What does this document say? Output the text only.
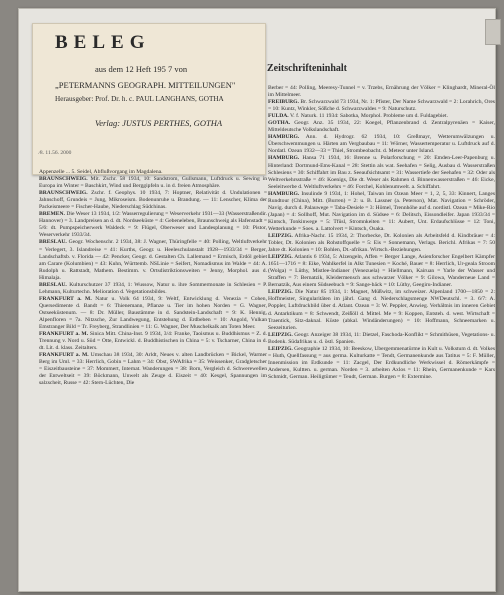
BELEG
aus dem 12 Heft 195 7 von
„PETERMANNS GEOGRAPH. MITTEILUNGEN"
Herausgeber: Prof. Dr. h. c. PAUL LANGHANS, GOTHA
Verlag: JUSTUS PERTHES, GOTHA
⁄8. 11.56. 2000
Zeitschrifteninhalt

Appenzelle ... 5. Seidel, Abflußvorgang im Magdalena.

BRAUNSCHWEIG. Mit. Zschr. 58 1934, 10: Sandstrom, Gullsmann, Luftdruck u. Sewing in Europa im Winter = Baschkirt, Wind und Berggipfeln u. in d. freien Atmosphäre.

BRAUNSCHWEIG. Zschr. f. Geophys. 10 1934, 7: Hoptner, Relativität d. Undulationen = Jahnschoff, Grundeis = Jung, Mikroseism. Bodenunruhe u. Brandung. — 11: Lenscher, Klima der Packeismeere = Fischer-Haube, Niederschlag Südchinas.

BREMEN. Die Weser 13 1934, 1/2: Wasserregulierung = Weserverkehr 1931—33 (Wasserstraßendir. Hannover) = 3. Landpreisen an d. dt. Nordseeküste = 4: Gebeneleben, Braunschweig als Hafenstadt = 5/6: dt. Pumpspeicherwerk Waldeck = 9: Flügel, Oberweser und Landesplanung = 10: Pistor, Weserverkehr 1933/34.

BRESLAU. Geogr. Wochenschr. 2 1934, 38: J. Wagner, Thüringfelle = 40: Polling, Weltluftverkehr = Verlegert, 3. Islandreise = 41: Kurths, Geogr. u. Heeleschulanstalt 1928—1933/34 = Berger, Landschaftsb. v. Florida — 42: Pencker, Geogr. d. Gestalten Ch. Lallemand = Ermisch, Erdöl gebiet am Carare (Kolumbien) = 43: Kuhn, Württemb. NSLinie = Seifert, Nomadismus im Walde = 44: A. Rudolph u. Rattstadt, Mathem. Bestimm. v. Ortsdistriktionsweiten = Jenny, Morphol. aus d. Himalaja.

BRESLAU. Kulturschutzer 37 1934, 1: Wussow, Natur u. ihre Sommermonate in Schlesien = P. Lehmann, Kulturtechn. Melioration d. Vegetationsbildes.

FRANKFURT a. M. Natur u. Volk 64 1934, 9: Weltf, Entwicklung d. Venezia = Cohen, Quersedimente d. Bandt = 6: Thienemann, Pflanze u. Tier im hohen Norden = G. Wagner, Ostseeküstenum. — 8: Dr. Müller, Baustämme in d. Sandstein-Landschaft = 9: K. Hennig, Alpenfloren = 7a. Nitzsche, Zur Landwegung, Entstehung d. Erdbeben = 10: Angold, Vulkan Emstranger Bild = Tr. Freyberg, Strandlinien = 11: G. Wagner, Der Muschelkalk am Toten Meer.

FRANKFURT a. M. Sinica Mitt. China-Inst. 9 1934, 3/4: Franke, Taoismus u. Buddhismus = Z. d. Trennung v. Nord u. Süd = Otte, Entwickl. d. Buddhistischen in China = 5: v. Tscharner, China in d. dt. Lit. d. klass. Zeitalters.

FRANKFURT a. M. Umschau 38 1934, 30: Arldt, Neues v. alten Landbrücken = Bickel, Warmer Berg im Uml. = 33: Herrlich, Gobin = Lahm = 34: Obst, SWAfrika = 35: Weissenker, Gradgletscher = Eiszeitbausteine = 37: Mommert, Internat. Wanderungen = 38: Born, Vergleich d. Schwerewellen der Entweltseit = 39: Böckmann, Unwelt als Zeuge d. Eiszeit = 40: Kesgel, Spannungen im salzscheit, Russe = 42: Stern-Lüchten, Die

Berber = 44: Polling, Meeresy-Tunnel = v. Trzebs, Ernährung der Völker = Klinghardt, Mineral-Öl im Mittelmeer.

FREIBURG. Br. Schwarzwald 73 1934, Nr. 1: Pfister, Der Name Schwarzwald = 2: Lorahrich, Ores = 10: Kuntz, Winkler, Sößche d. Schwarzwaldes = 9: Naturschutz.

FULDA. V. f. Naturk. 11 1934: Sabotka, Morphol. Probleme um d. Fuldagebiet.

GOTHA. Geogr. Anz. 35 1934, 22: Koegel, Pflanzenbrand d. Zentralpyrenäen = Kaiser, Mitteldeutsche Volkslandschaft.

HAMBURG. Ann. d. Hydrogr. 62 1934, 10: Greßmayr, Wetterumwälzungen u. Überschwemmungen u. Härten am Vergbaubau = 11: Wörner, Wassertemperatur u. Luftdruck auf d. Nordatl. Ozean 1932—33 = Thiel, Strombeobacht. d. Meteor unter Island.

HAMBURG. Hansa 71 1934, 16: Brenne u. Polarforschung = 20: Emden-Leer-Papenburg u. Hinterland: Dortmund-Ems-Kanal = 28: Stettin als wat. Seehafen = Selig, Ausbau d. Wasserstraßen Schlesiens = 30: Schiffahrt im Bau z. Seeaufsichtsamt = 31: Wassertiefe der Seehafen = 32: Oder als Weltverkehrsstraße = 46: Koenigs, Die dt. Weser als Rahmen d. Binnenwasserstraßen = 46: Eicke, Seeleitwerbe d. Weltluftverkehrs = 46: Forchel, Kohlenumwelt. a. Schiffahrt.

HAMBURG. Insulinde 9 1934, 1: Hohel, Taiwan im Ozean Meer = 1, 2, 5, 33: Kinnert, Langes Rundtour (China), Mitt. (Burren) = 2: u. B. Lassner (a. Peterson), Mat. Navigation = Schröder, Navig. durch d. Palauwege = Taba-Desiele = 3: Hömel, Trennhöhe auf d. nordistl. Ozean = Mike-Rio (Japan) = 4: Sollhoff, Mut. Navigation im d. Südsee = 6: Delitsch, Eissondleifer. Japan 1933/34 = Kintsch, Tonkinwege = 5: Tfüsl, Stromnkeiten = 11: Aubert, Unt. Erdaufschlüsse = 12: Toni, Wetterkunde = Soes. a. Lattolvert = Kintsch, Osaka.

LEIPZIG. Afrika-Nachr. 15 1934, 2: Thorbecke, Dt. Kolonien als Arbeitsfeld d. Kindbräuer = 4: Tobler, Dt. Kolonien als Rohstoffquelle = 5: Eis = Sonnemann, Verlags. Berichl. Afrikas = 7: 50 Jahre dt. Kolonien = 10: Bohlen, Dt.-afrikan. Wirtsch.-Beziehungen.

LEIPZIG. Atlantis 6 1934, 5: Alzengeln, Affen = Berger Lange, Asienforscher Engelbert Kämpfer 1651—1716 = 8: Eike, Wahlkerfel in Alkt Tunesien = Koché, Bauer = 8: Herrlich, Ur-geala Stroom (Wolga) = Lüthy, Mistlee-Indianer (Venezuela) = Hiellmann, Kairuan = Yarle der Wasser und Straffen = 7: Bernatzik, Kleidermensch aus schwarzer Völker = 9: Gilowa, Wanderneue Land = Bernatzik, Aus einem Südseebuch = 9: Sange-bäck = 10: Lüthy, Geegiru-Indianer.

LEIPZIG. Die Natur 85 1934, 1: Magnet, Müßwitz, im schweizer. Alpenland 1700—1850 = 2: Hoffmeister, Singularitäten im jährl. Gang d. Niederschlagsmenge NWDeutschl. = 3. 6/7: A. Poppler, Luftdruckbild über d. Atlant. Ozean = 3: W. Peppler, Anwieg. Verhältnis im inneren Gebiet d. Antarktikum = 8: Schwendt, Zeißöll d. Mittel. Me = 9: Koppen, Entsteh. d. west. Wirtschaft = Traentick, Sitz-daknal. Küste (abkal. Windänderungen) = 10: Hoffmann, Schneemarken u. Seezeiturien.

LEIPZIG. Geogr. Anzeiger 38 1934, 11: Dietzel, Faschoda-Konflikt = Schmithüsen, Vegetations- u. Bodenk. Südafrikas u. d. östl. Spanien.

LEIPZIG. Geographie 12 1934, 10: Beeskow, Ubergemmenatürme in Kult u. Volkstum d. dt. Volkes = Huth, Quellfassung = aus germa. Kulturkatte = Tendt, Germanenkunde aus Tatitus = 5: F. Müller, Innenmission im Erdkunde = 11: Zacgel, Der Erdkundliche Werkwissel d. Römerkämpfe = Andersen, Kultten. u. german. Norden = 3. arbeiten Axlos = 11: Rhein, Germanenkunde = Kars Schmidt, German. Heiligtümer = Teudt, German. Burgen = 8: Extermine.
